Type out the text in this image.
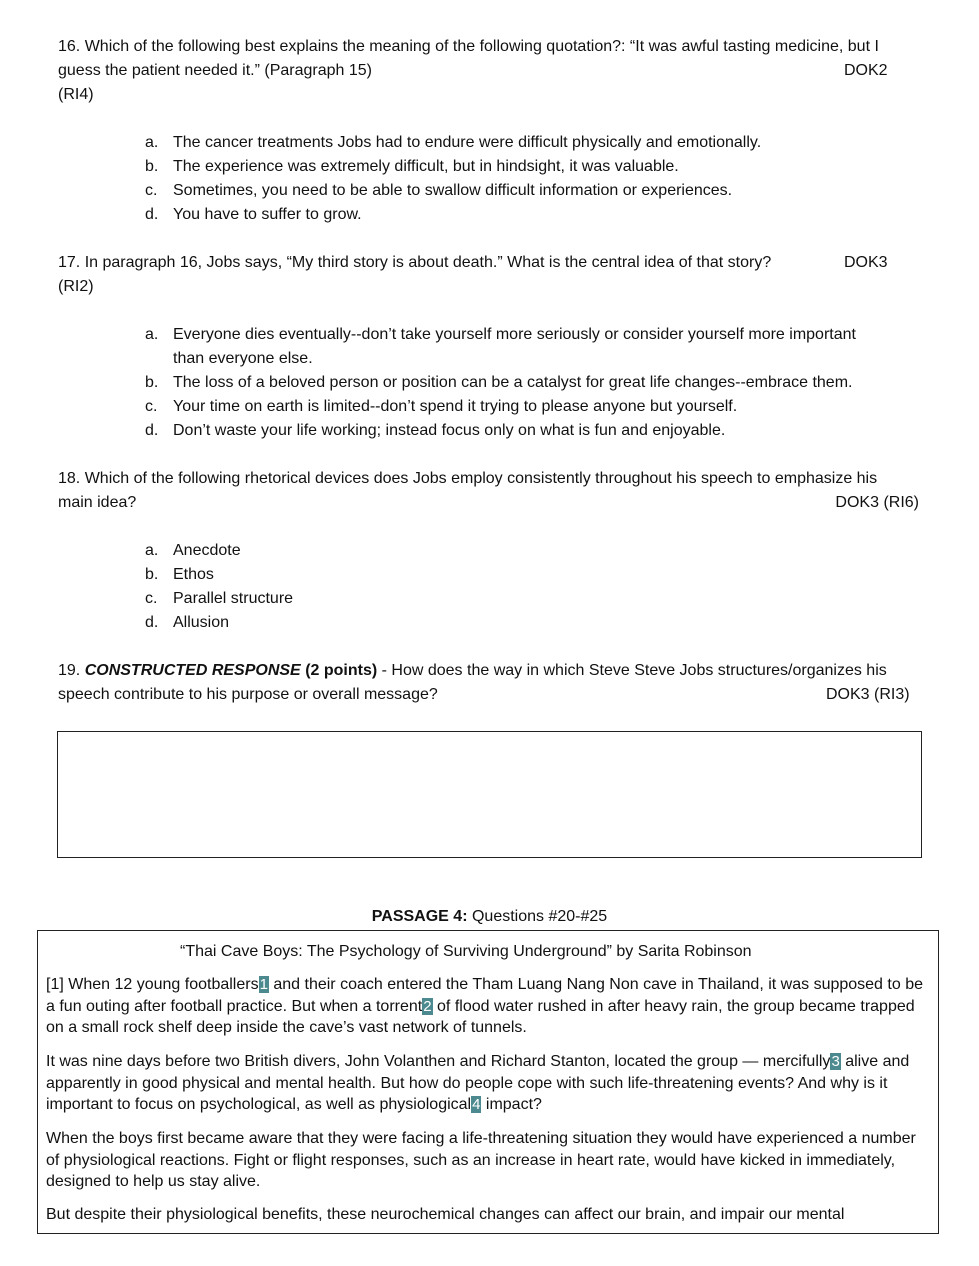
16. Which of the following best explains the meaning of the following quotation?: “It was awful tasting medicine, but I
guess the patient needed it.” (Paragraph 15)	DOK2
(RI4)
a. The cancer treatments Jobs had to endure were difficult physically and emotionally.
b. The experience was extremely difficult, but in hindsight, it was valuable.
c. Sometimes, you need to be able to swallow difficult information or experiences.
d. You have to suffer to grow.
17. In paragraph 16, Jobs says, “My third story is about death.” What is the central idea of that story?	DOK3
(RI2)
a. Everyone dies eventually--don’t take yourself more seriously or consider yourself more important than everyone else.
b. The loss of a beloved person or position can be a catalyst for great life changes--embrace them.
c. Your time on earth is limited--don’t spend it trying to please anyone but yourself.
d. Don’t waste your life working; instead focus only on what is fun and enjoyable.
18. Which of the following rhetorical devices does Jobs employ consistently throughout his speech to emphasize his
main idea?	DOK3 (RI6)
a. Anecdote
b. Ethos
c. Parallel structure
d. Allusion
19. CONSTRUCTED RESPONSE (2 points) - How does the way in which Steve Steve Jobs structures/organizes his
speech contribute to his purpose or overall message?	DOK3 (RI3)
PASSAGE 4: Questions #20-#25
“Thai Cave Boys: The Psychology of Surviving Underground” by Sarita Robinson
[1] When 12 young footballers1 and their coach entered the Tham Luang Nang Non cave in Thailand, it was supposed to be a fun outing after football practice. But when a torrent2 of flood water rushed in after heavy rain, the group became trapped on a small rock shelf deep inside the cave’s vast network of tunnels.
It was nine days before two British divers, John Volanthen and Richard Stanton, located the group — mercifully3 alive and apparently in good physical and mental health. But how do people cope with such life-threatening events? And why is it important to focus on psychological, as well as physiological4 impact?
When the boys first became aware that they were facing a life-threatening situation they would have experienced a number of physiological reactions. Fight or flight responses, such as an increase in heart rate, would have kicked in immediately, designed to help us stay alive.
But despite their physiological benefits, these neurochemical changes can affect our brain, and impair our mental
